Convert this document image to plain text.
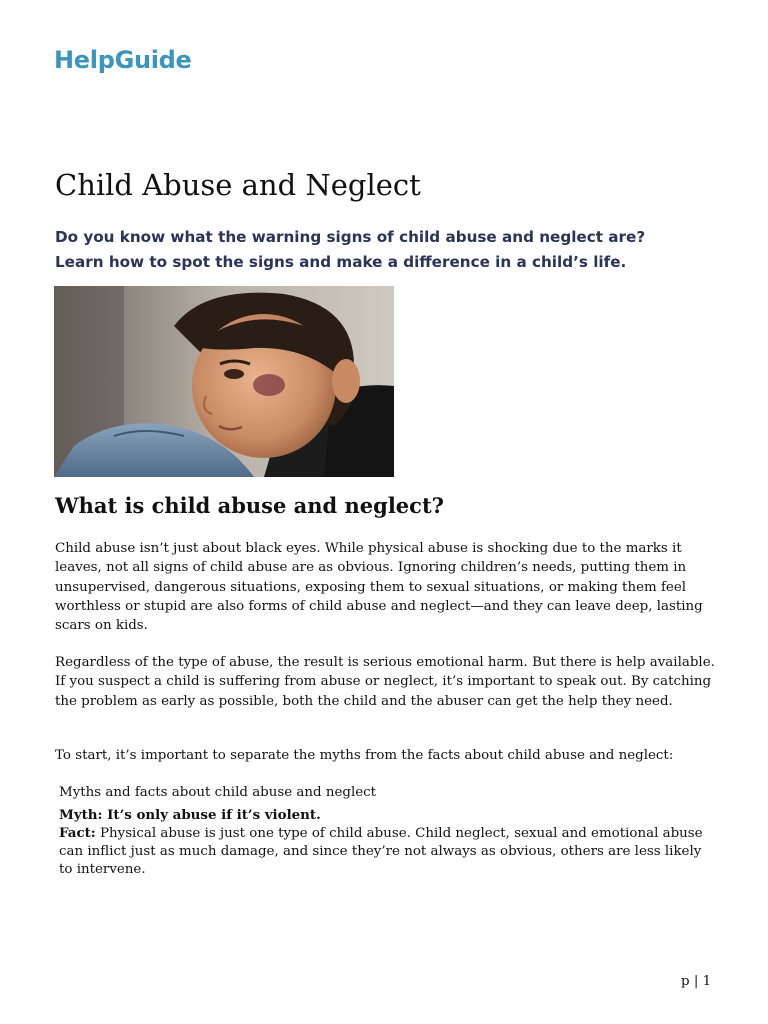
HelpGuide
Child Abuse and Neglect

Do you know what the warning signs of child abuse and neglect are?
Learn how to spot the signs and make a difference in a child’s life.

What is child abuse and neglect?

Child abuse isn’t just about black eyes. While physical abuse is shocking due to the marks it leaves, not all signs of child abuse are as obvious. Ignoring children’s needs, putting them in unsupervised, dangerous situations, exposing them to sexual situations, or making them feel worthless or stupid are also forms of child abuse and neglect—and they can leave deep, lasting scars on kids.

Regardless of the type of abuse, the result is serious emotional harm. But there is help available. If you suspect a child is suffering from abuse or neglect, it’s important to speak out. By catching the problem as early as possible, both the child and the abuser can get the help they need.

To start, it’s important to separate the myths from the facts about child abuse and neglect:

Myths and facts about child abuse and neglect

Myth: It’s only abuse if it’s violent.

Fact: Physical abuse is just one type of child abuse. Child neglect, sexual and emotional abuse can inflict just as much damage, and since they’re not always as obvious, others are less likely to intervene.

p | 1
